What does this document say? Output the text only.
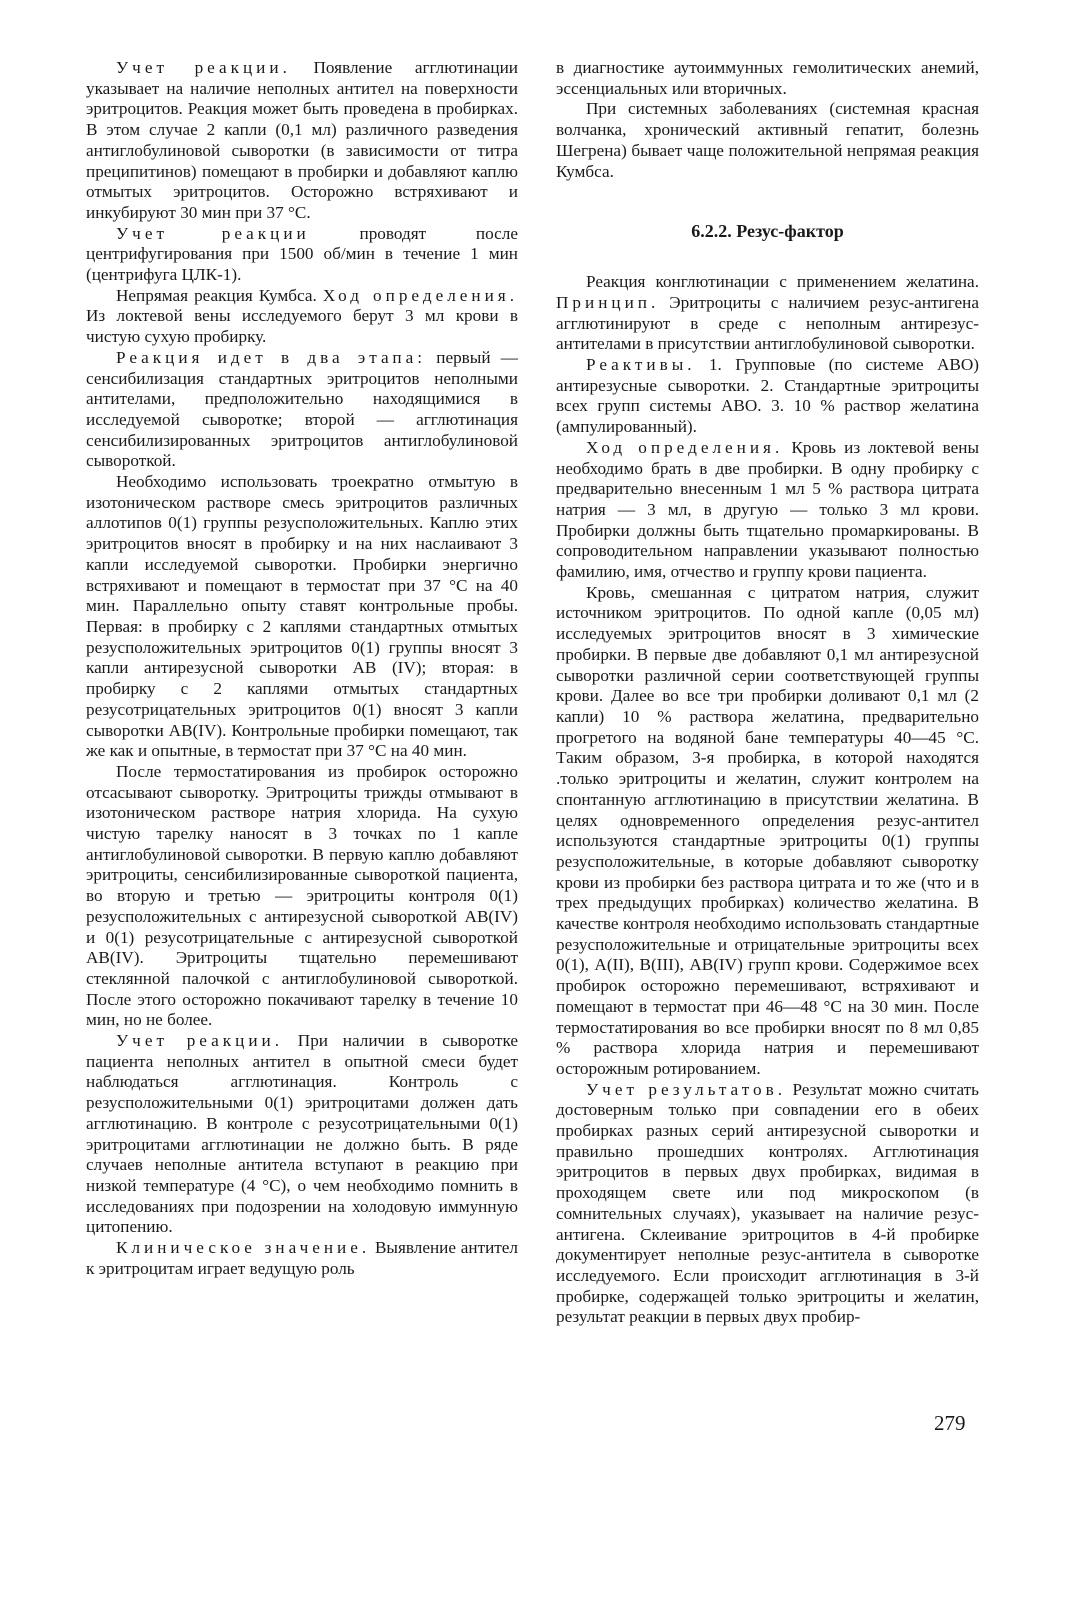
Учет реакции. Появление агглютинации указывает на наличие неполных антител на поверхности эритроцитов. Реакция может быть проведена в пробирках. В этом случае 2 капли (0,1 мл) различного разведения антиглобулиновой сыворотки (в зависимости от титра преципитинов) помещают в пробирки и добавляют каплю отмытых эритроцитов. Осторожно встряхивают и инкубируют 30 мин при 37 °С.

Учет реакции	проводят после центрифугирования при 1500 об/мин в течение 1 мин (центрифуга ЦЛК-1).

Непрямая реакция Кумбса. Ход определения. Из локтевой вены исследуемого берут 3 мл крови в чистую сухую пробирку.

Реакция идет в два этапа: первый — сенсибилизация стандартных эритроцитов неполными антителами, предположительно находящимися в исследуемой сыворотке; второй — агглютинация сенсибилизированных эритроцитов антиглобулиновой сывороткой.

Необходимо использовать троекратно отмытую в изотоническом растворе смесь эритроцитов различных аллотипов 0(1) группы резусположительных. Каплю этих эритроцитов вносят в пробирку и на них наслаивают 3 капли исследуемой сыворотки. Пробирки энергично встряхивают и помещают в термостат при 37 °С на 40 мин. Параллельно опыту ставят контрольные пробы. Первая: в пробирку с 2 каплями стандартных отмытых резусположительных эритроцитов 0(1) группы вносят 3 капли антирезусной сыворотки АВ (IV); вторая: в пробирку с 2 каплями отмытых стандартных резусотрицательных эритроцитов 0(1) вносят 3 капли сыворотки АВ(IV). Контрольные пробирки помещают, так же как и опытные, в термостат при 37 °С на 40 мин.

После термостатирования из пробирок осторожно отсасывают сыворотку. Эритроциты трижды отмывают в изотоническом растворе натрия хлорида. На сухую чистую тарелку наносят в 3 точках по 1 капле антиглобулиновой сыворотки. В первую каплю добавляют эритроциты, сенсибилизированные сывороткой пациента, во вторую и третью — эритроциты контроля 0(1) резусположительных с антирезусной сывороткой АВ(IV) и 0(1) резусотрицательные с антирезусной сывороткой АВ(IV). Эритроциты тщательно перемешивают стеклянной палочкой с антиглобулиновой сывороткой. После этого осторожно покачивают тарелку в течение 10 мин, но не более.

Учет реакции. При наличии в сыворотке пациента неполных антител в опытной смеси будет наблюдаться агглютинация. Контроль с резусположительными 0(1) эритроцитами должен дать агглютинацию. В контроле с резусотрицательными 0(1) эритроцитами агглютинации не должно быть. В ряде случаев неполные антитела вступают в реакцию при низкой температуре (4 °С), о чем необходимо помнить в исследованиях при подозрении на холодовую иммунную цитопению.

Клиническое значение. Выявление антител к эритроцитам играет ведущую роль

в диагностике аутоиммунных гемолитических анемий, эссенциальных или вторичных.

При системных заболеваниях (системная красная волчанка, хронический активный гепатит, болезнь Шегрена) бывает чаще положительной непрямая реакция Кумбса.

6.2.2. Резус-фактор

Реакция конглютинации с применением желатина. Принцип. Эритроциты с наличием резус-антигена агглютинируют в среде с неполным антирезус-антителами в присутствии антиглобулиновой сыворотки.

Реактивы. 1. Групповые (по системе АВО) антирезусные сыворотки. 2. Стандартные эритроциты всех групп системы АВО. 3. 10 % раствор желатина (ампулированный).

Ход определения. Кровь из локтевой вены необходимо брать в две пробирки. В одну пробирку с предварительно внесенным 1 мл 5 % раствора цитрата натрия — 3 мл, в другую — только 3 мл крови. Пробирки должны быть тщательно промаркированы. В сопроводительном направлении указывают полностью фамилию, имя, отчество и группу крови пациента.

Кровь, смешанная с цитратом натрия, служит источником эритроцитов. По одной капле (0,05 мл) исследуемых эритроцитов вносят в 3 химические пробирки. В первые две добавляют 0,1 мл антирезусной сыворотки различной серии соответствующей группы крови. Далее во все три пробирки доливают 0,1 мл (2 капли) 10 % раствора желатина, предварительно прогретого на водяной бане температуры 40—45 °С. Таким образом, 3-я пробирка, в которой находятся .только эритроциты и желатин, служит контролем на спонтанную агглютинацию в присутствии желатина. В целях одновременного определения резус-антител используются стандартные эритроциты 0(1) группы резусположительные, в которые добавляют сыворотку крови из пробирки без раствора цитрата и то же (что и в трех предыдущих пробирках) количество желатина. В качестве контроля необходимо использовать стандартные резусположительные и отрицательные эритроциты всех 0(1), А(II), В(III), АВ(IV) групп крови. Содержимое всех пробирок осторожно перемешивают, встряхивают и помещают в термостат при 46—48 °С на 30 мин. После термостатирования во все пробирки вносят по 8 мл 0,85 % раствора хлорида натрия и перемешивают осторожным ротированием.

Учет результатов. Результат можно считать достоверным только при совпадении его в обеих пробирках разных серий антирезусной сыворотки и правильно прошедших контролях. Агглютинация эритроцитов в первых двух пробирках, видимая в проходящем свете или под микроскопом (в сомнительных случаях), указывает на наличие резус-антигена. Склеивание эритроцитов в 4-й пробирке документирует неполные резус-антитела в сыворотке исследуемого. Если происходит агглютинация в 3-й пробирке, содержащей только эритроциты и желатин, результат реакции в первых двух пробир-

279
